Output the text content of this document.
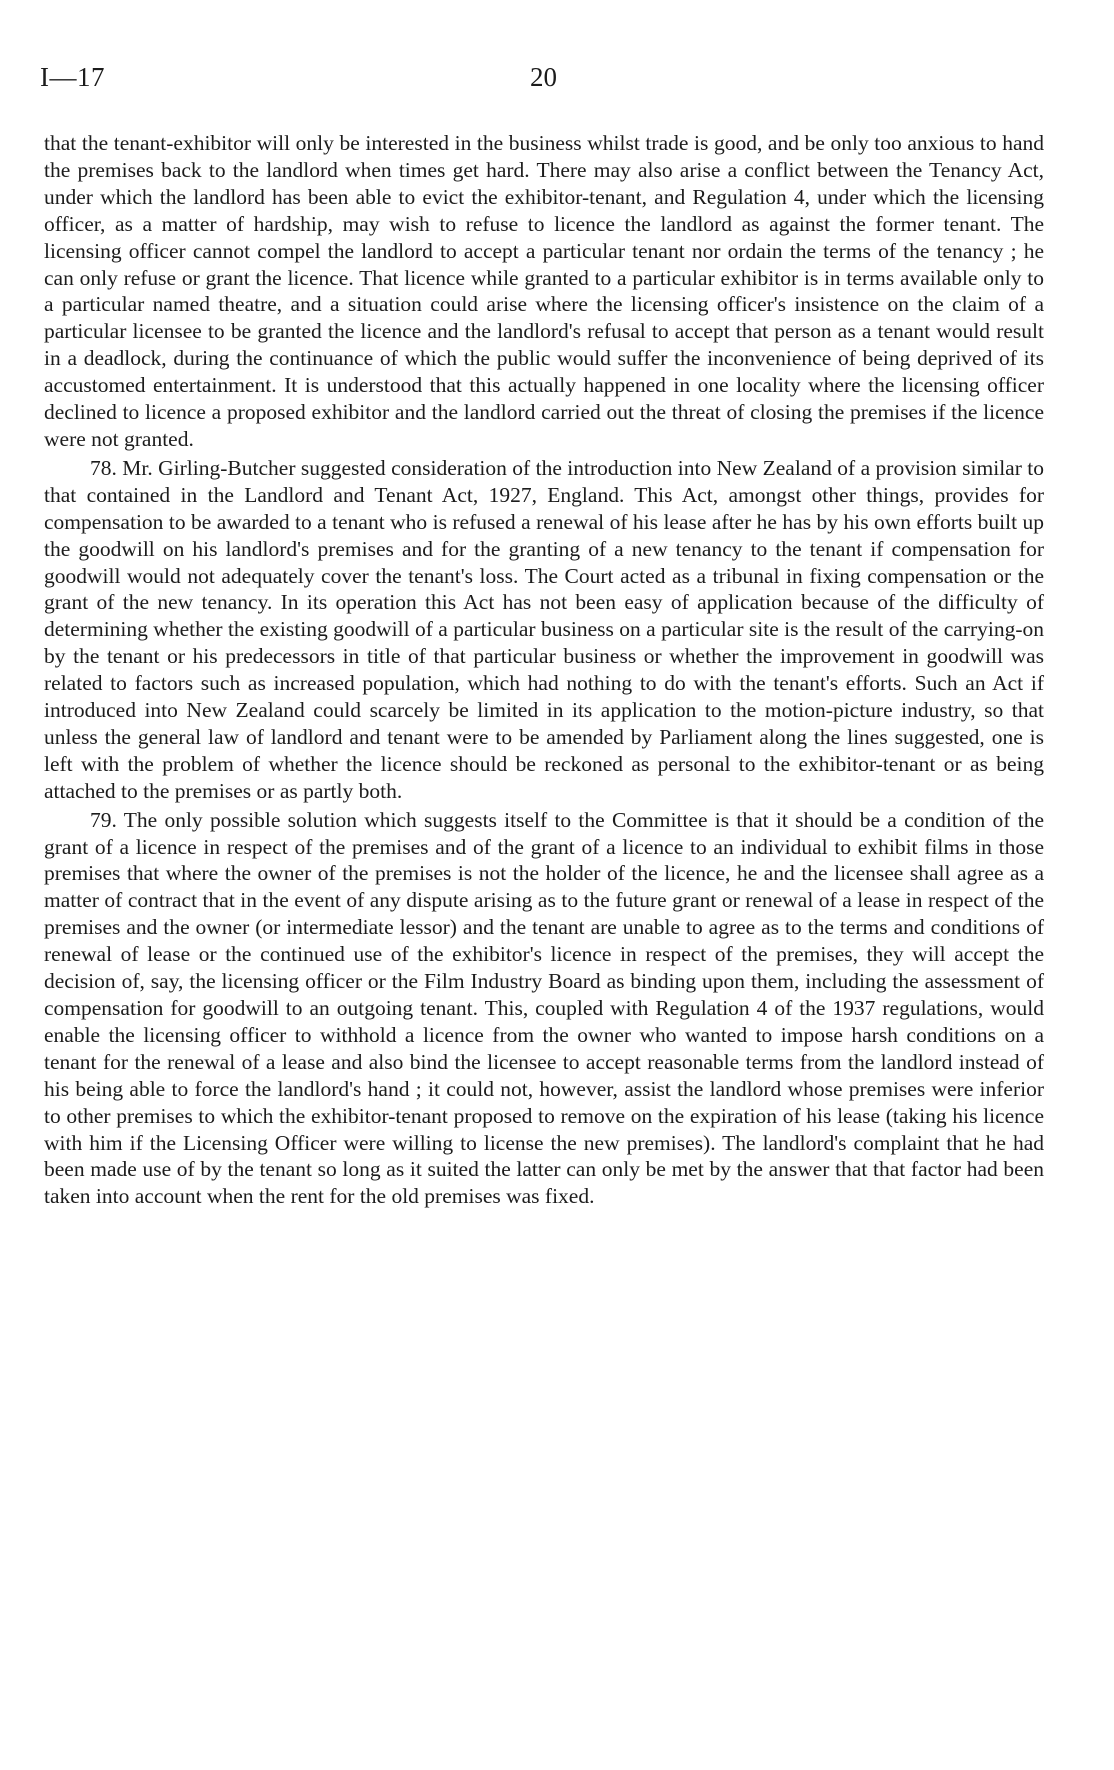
I—17	20

that the tenant-exhibitor will only be interested in the business whilst trade is good, and be only too anxious to hand the premises back to the landlord when times get hard. There may also arise a conflict between the Tenancy Act, under which the landlord has been able to evict the exhibitor-tenant, and Regulation 4, under which the licensing officer, as a matter of hardship, may wish to refuse to licence the landlord as against the former tenant. The licensing officer cannot compel the landlord to accept a particular tenant nor ordain the terms of the tenancy ; he can only refuse or grant the licence. That licence while granted to a particular exhibitor is in terms available only to a particular named theatre, and a situation could arise where the licensing officer's insistence on the claim of a particular licensee to be granted the licence and the landlord's refusal to accept that person as a tenant would result in a deadlock, during the continuance of which the public would suffer the inconvenience of being deprived of its accustomed entertainment. It is understood that this actually happened in one locality where the licensing officer declined to licence a proposed exhibitor and the landlord carried out the threat of closing the premises if the licence were not granted.

78. Mr. Girling-Butcher suggested consideration of the introduction into New Zealand of a provision similar to that contained in the Landlord and Tenant Act, 1927, England. This Act, amongst other things, provides for compensation to be awarded to a tenant who is refused a renewal of his lease after he has by his own efforts built up the goodwill on his landlord's premises and for the granting of a new tenancy to the tenant if compensation for goodwill would not adequately cover the tenant's loss. The Court acted as a tribunal in fixing compensation or the grant of the new tenancy. In its operation this Act has not been easy of application because of the difficulty of determining whether the existing goodwill of a particular business on a particular site is the result of the carrying-on by the tenant or his predecessors in title of that particular business or whether the improvement in goodwill was related to factors such as increased population, which had nothing to do with the tenant's efforts. Such an Act if introduced into New Zealand could scarcely be limited in its application to the motion-picture industry, so that unless the general law of landlord and tenant were to be amended by Parliament along the lines suggested, one is left with the problem of whether the licence should be reckoned as personal to the exhibitor-tenant or as being attached to the premises or as partly both.

79. The only possible solution which suggests itself to the Committee is that it should be a condition of the grant of a licence in respect of the premises and of the grant of a licence to an individual to exhibit films in those premises that where the owner of the premises is not the holder of the licence, he and the licensee shall agree as a matter of contract that in the event of any dispute arising as to the future grant or renewal of a lease in respect of the premises and the owner (or intermediate lessor) and the tenant are unable to agree as to the terms and conditions of renewal of lease or the continued use of the exhibitor's licence in respect of the premises, they will accept the decision of, say, the licensing officer or the Film Industry Board as binding upon them, including the assessment of compensation for goodwill to an outgoing tenant. This, coupled with Regulation 4 of the 1937 regulations, would enable the licensing officer to withhold a licence from the owner who wanted to impose harsh conditions on a tenant for the renewal of a lease and also bind the licensee to accept reasonable terms from the landlord instead of his being able to force the landlord's hand ; it could not, however, assist the landlord whose premises were inferior to other premises to which the exhibitor-tenant proposed to remove on the expiration of his lease (taking his licence with him if the Licensing Officer were willing to license the new premises). The landlord's complaint that he had been made use of by the tenant so long as it suited the latter can only be met by the answer that that factor had been taken into account when the rent for the old premises was fixed.
